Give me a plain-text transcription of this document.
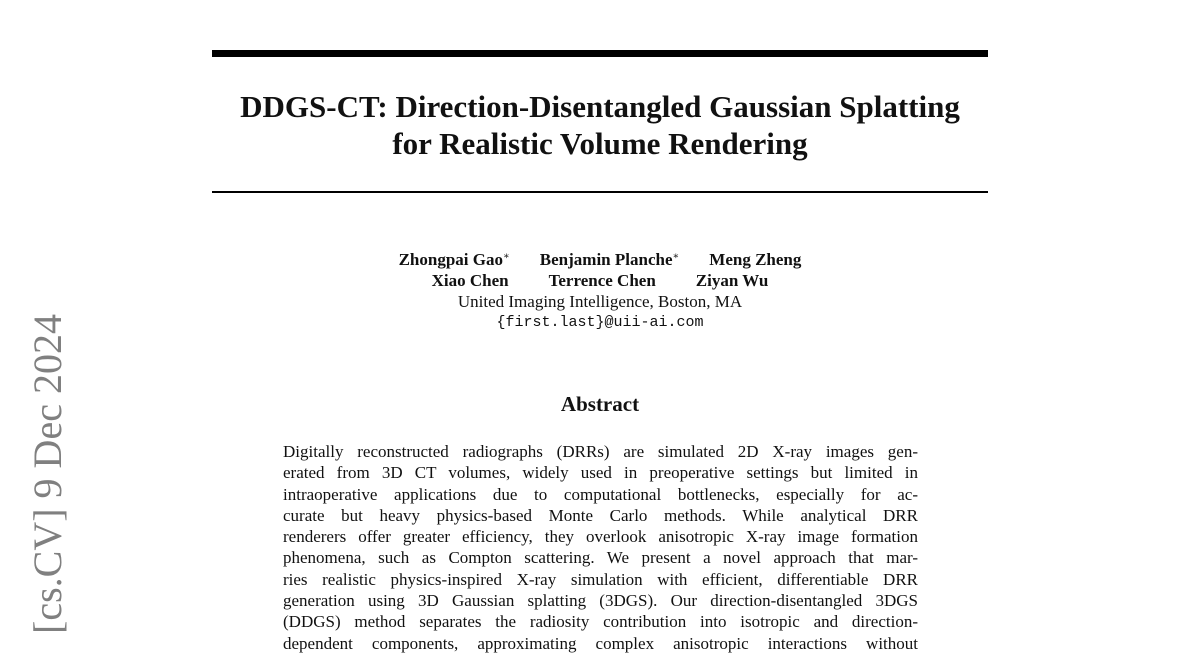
[cs.CV] 9 Dec 2024
DDGS-CT: Direction-Disentangled Gaussian Splatting
for Realistic Volume Rendering
Zhongpai Gao∗ Benjamin Planche∗ Meng Zheng
Xiao Chen Terrence Chen Ziyan Wu
United Imaging Intelligence, Boston, MA
{first.last}@uii-ai.com
Abstract
Digitally reconstructed radiographs (DRRs) are simulated 2D X-ray images gen-
erated from 3D CT volumes, widely used in preoperative settings but limited in
intraoperative applications due to computational bottlenecks, especially for ac-
curate but heavy physics-based Monte Carlo methods. While analytical DRR
renderers offer greater efficiency, they overlook anisotropic X-ray image formation
phenomena, such as Compton scattering. We present a novel approach that mar-
ries realistic physics-inspired X-ray simulation with efficient, differentiable DRR
generation using 3D Gaussian splatting (3DGS). Our direction-disentangled 3DGS
(DDGS) method separates the radiosity contribution into isotropic and direction-
dependent components, approximating complex anisotropic interactions without
